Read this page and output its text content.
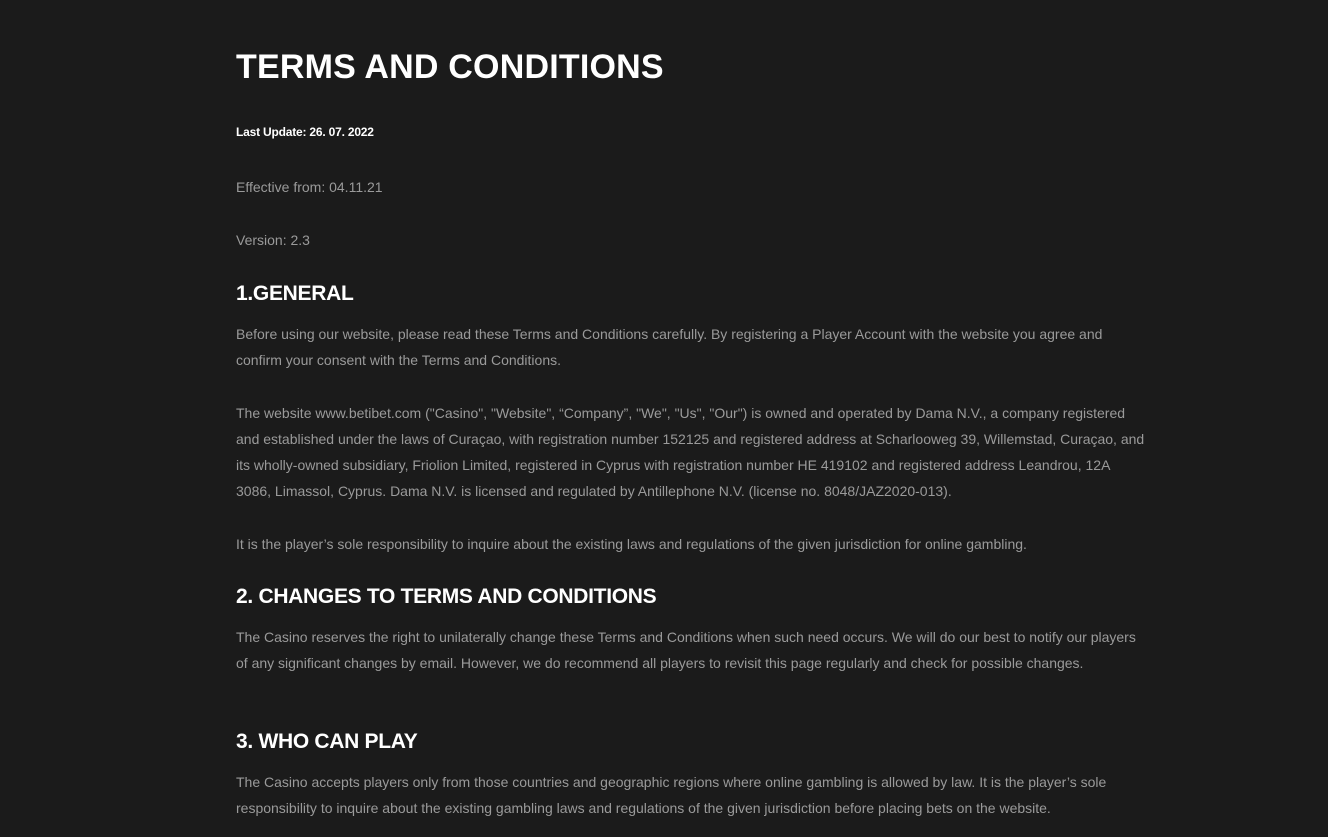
TERMS AND CONDITIONS

Last Update: 26. 07. 2022

Effective from: 04.11.21

Version: 2.3

1.GENERAL

Before using our website, please read these Terms and Conditions carefully. By registering a Player Account with the website you agree and confirm your consent with the Terms and Conditions.

The website www.betibet.com ("Casino", "Website", “Company”, "We", "Us", "Our") is owned and operated by Dama N.V., a company registered and established under the laws of Curaçao, with registration number 152125 and registered address at Scharlooweg 39, Willemstad, Curaçao, and its wholly-owned subsidiary, Friolion Limited, registered in Cyprus with registration number HE 419102 and registered address Leandrou, 12A 3086, Limassol, Cyprus. Dama N.V. is licensed and regulated by Antillephone N.V. (license no. 8048/JAZ2020-013).

It is the player’s sole responsibility to inquire about the existing laws and regulations of the given jurisdiction for online gambling.

2. CHANGES TO TERMS AND CONDITIONS

The Casino reserves the right to unilaterally change these Terms and Conditions when such need occurs. We will do our best to notify our players of any significant changes by email. However, we do recommend all players to revisit this page regularly and check for possible changes.

3. WHO CAN PLAY

The Casino accepts players only from those countries and geographic regions where online gambling is allowed by law. It is the player’s sole responsibility to inquire about the existing gambling laws and regulations of the given jurisdiction before placing bets on the website.
